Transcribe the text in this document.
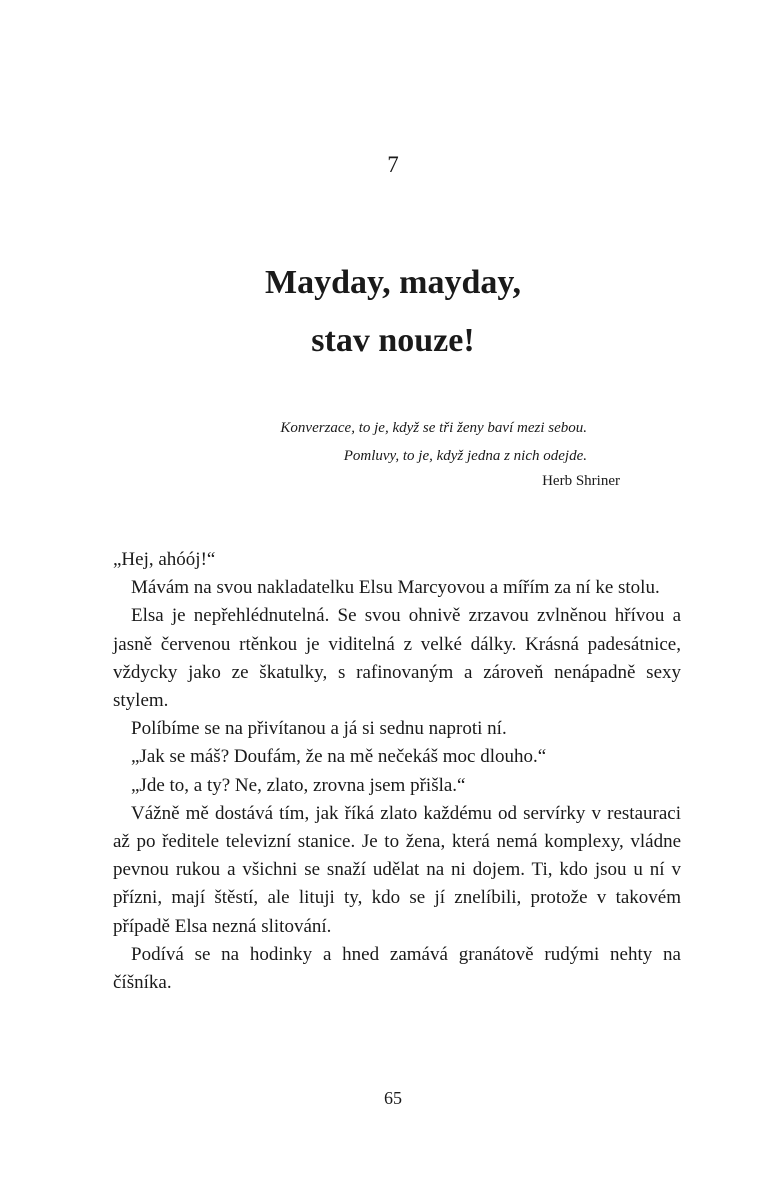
7
Mayday, mayday,
stav nouze!
Konverzace, to je, když se tři ženy baví mezi sebou.
Pomluvy, to je, když jedna z nich odejde.
Herb Shriner

„Hej, ahóój!“

Mávám na svou nakladatelku Elsu Marcyovou a mířím za ní ke stolu.

Elsa je nepřehlédnutelná. Se svou ohnivě zrzavou zvlněnou hřívou a jasně červenou rtěnkou je viditelná z velké dálky. Krásná padesátnice, vždycky jako ze škatulky, s rafinovaným a zároveň nenápadně sexy stylem.

Políbíme se na přivítanou a já si sednu naproti ní.

„Jak se máš? Doufám, že na mě nečekáš moc dlouho.“

„Jde to, a ty? Ne, zlato, zrovna jsem přišla.“

Vážně mě dostává tím, jak říká zlato každému od servírky v restauraci až po ředitele televizní stanice. Je to žena, která nemá komplexy, vládne pevnou rukou a všichni se snaží udělat na ni dojem. Ti, kdo jsou u ní v přízni, mají štěstí, ale lituji ty, kdo se jí znelíbili, protože v takovém případě Elsa nezná slitování.

Podívá se na hodinky a hned zamává granátově rudými nehty na číšníka.

65
